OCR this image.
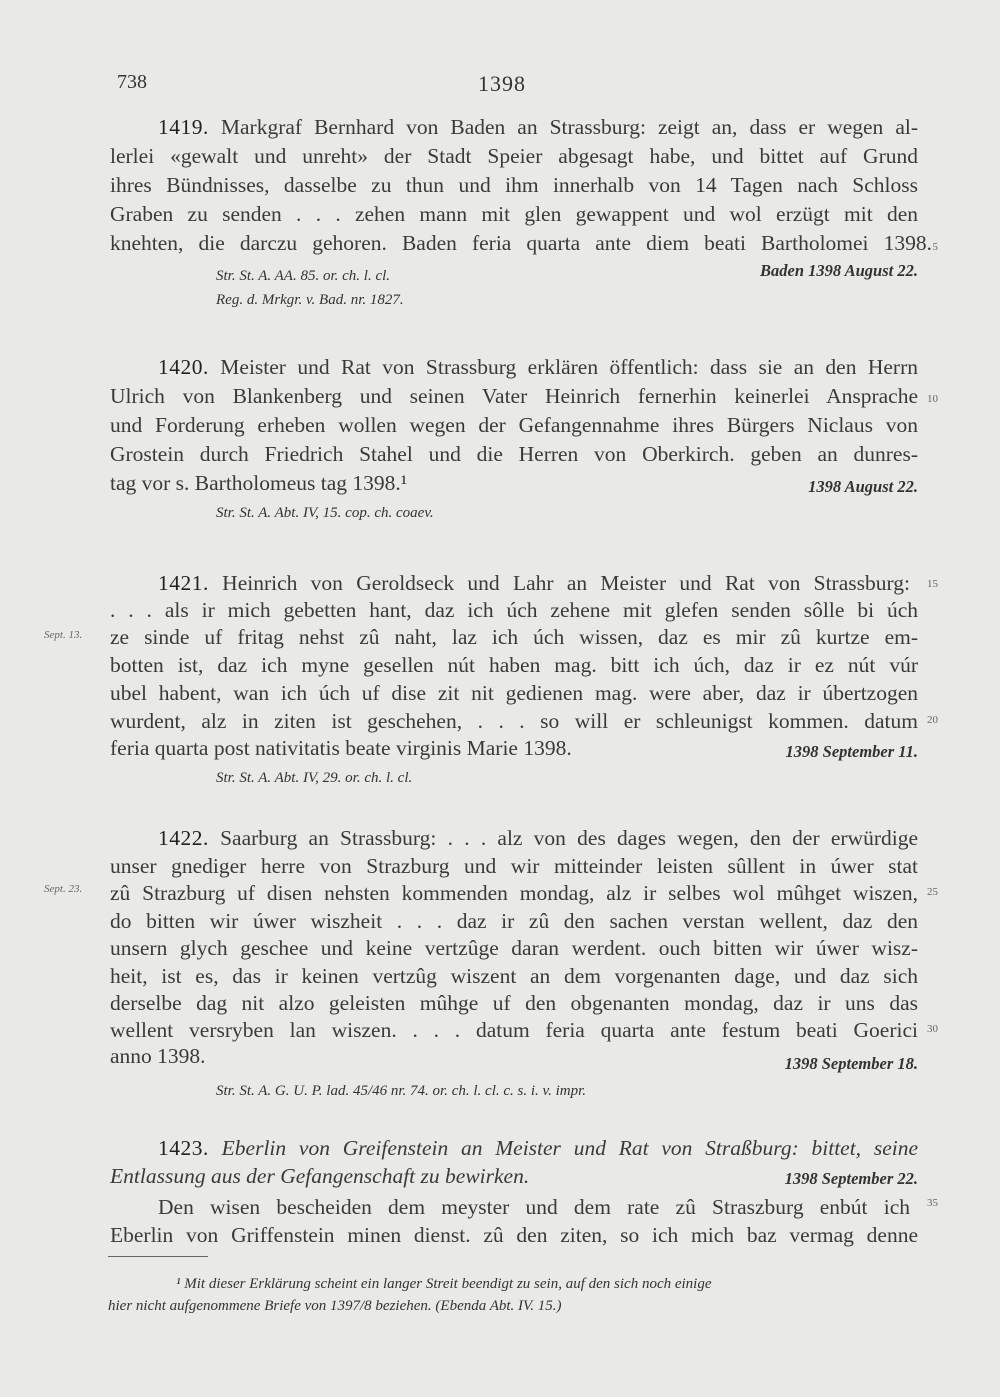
738	1398
1419. Markgraf Bernhard von Baden an Strassburg: zeigt an, dass er wegen al-
lerlei «gewalt und unreht» der Stadt Speier abgesagt habe, und bittet auf Grund
ihres Bündnisses, dasselbe zu thun und ihm innerhalb von 14 Tagen nach Schloss
Graben zu senden . . . zehen mann mit glen gewappent und wol erzügt mit den
knehten, die darczu gehoren. Baden feria quarta ante diem beati Bartholomei 1398.
Str. St. A. AA. 85. or. ch. l. cl.
Reg. d. Mrkgr. v. Bad. nr. 1827.
Baden 1398 August 22.
1420. Meister und Rat von Strassburg erklären öffentlich: dass sie an den Herrn
Ulrich von Blankenberg und seinen Vater Heinrich fernerhin keinerlei Ansprache
und Forderung erheben wollen wegen der Gefangennahme ihres Bürgers Niclaus von
Grostein durch Friedrich Stahel und die Herren von Oberkirch. geben an dunres-
tag vor s. Bartholomeus tag 1398.¹	1398 August 22.
Str. St. A. Abt. IV, 15. cop. ch. coaev.
1421. Heinrich von Geroldseck und Lahr an Meister und Rat von Strassburg:
. . . als ir mich gebetten hant, daz ich úch zehene mit glefen senden sôlle bi úch
ze sinde uf fritag nehst zû naht, laz ich úch wissen, daz es mir zû kurtze em-
botten ist, daz ich myne gesellen nút haben mag. bitt ich úch, daz ir ez nút vúr
ubel habent, wan ich úch uf dise zit nit gedienen mag. were aber, daz ir úbertzogen
wurdent, alz in ziten ist geschehen, . . . so will er schleunigst kommen. datum
feria quarta post nativitatis beate virginis Marie 1398.	1398 September 11.
Str. St. A. Abt. IV, 29. or. ch. l. cl.
Sept. 13.
1422. Saarburg an Strassburg: . . . alz von des dages wegen, den der erwürdige
unser gnediger herre von Strazburg und wir mitteinder leisten sûllent in úwer stat
zû Strazburg uf disen nehsten kommenden mondag, alz ir selbes wol mûhget wiszen,
do bitten wir úwer wiszheit . . . daz ir zû den sachen verstan wellent, daz den
unsern glych geschee und keine vertzûge daran werdent. ouch bitten wir úwer wisz-
heit, ist es, das ir keinen vertzûg wiszent an dem vorgenanten dage, und daz sich
derselbe dag nit alzo geleisten mûhge uf den obgenanten mondag, daz ir uns das
wellent versryben lan wiszen. . . . datum feria quarta ante festum beati Goerici
anno 1398.	1398 September 18.
Str. St. A. G. U. P. lad. 45/46 nr. 74. or. ch. l. cl. c. s. i. v. impr.
Sept. 23.
1423. Eberlin von Greifenstein an Meister und Rat von Straßburg: bittet, seine
Entlassung aus der Gefangenschaft zu bewirken.	1398 September 22.
Den wisen bescheiden dem meyster und dem rate zû Straszburg enbút ich
Eberlin von Griffenstein minen dienst. zû den ziten, so ich mich baz vermag denne
5
10
15
20
25
30
35
¹ Mit dieser Erklärung scheint ein langer Streit beendigt zu sein, auf den sich noch einige
hier nicht aufgenommene Briefe von 1397/8 beziehen. (Ebenda Abt. IV. 15.)
